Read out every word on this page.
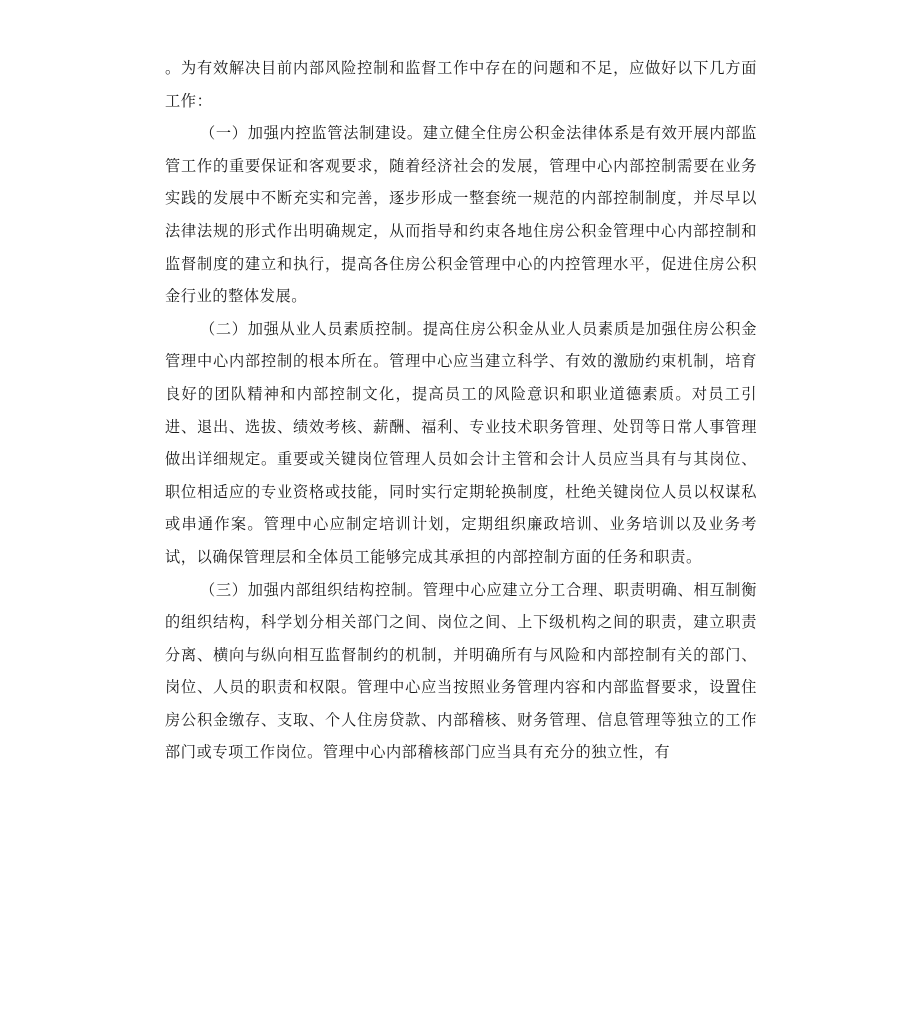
。为有效解决目前内部风险控制和监督工作中存在的问题和不足，应做好以下几方面工作：

（一）加强内控监管法制建设。建立健全住房公积金法律体系是有效开展内部监管工作的重要保证和客观要求，随着经济社会的发展，管理中心内部控制需要在业务实践的发展中不断充实和完善，逐步形成一整套统一规范的内部控制制度，并尽早以法律法规的形式作出明确规定，从而指导和约束各地住房公积金管理中心内部控制和监督制度的建立和执行，提高各住房公积金管理中心的内控管理水平，促进住房公积金行业的整体发展。

（二）加强从业人员素质控制。提高住房公积金从业人员素质是加强住房公积金管理中心内部控制的根本所在。管理中心应当建立科学、有效的激励约束机制，培育良好的团队精神和内部控制文化，提高员工的风险意识和职业道德素质。对员工引进、退出、选拔、绩效考核、薪酬、福利、专业技术职务管理、处罚等日常人事管理做出详细规定。重要或关键岗位管理人员如会计主管和会计人员应当具有与其岗位、职位相适应的专业资格或技能，同时实行定期轮换制度，杜绝关键岗位人员以权谋私或串通作案。管理中心应制定培训计划，定期组织廉政培训、业务培训以及业务考试，以确保管理层和全体员工能够完成其承担的内部控制方面的任务和职责。

（三）加强内部组织结构控制。管理中心应建立分工合理、职责明确、相互制衡的组织结构，科学划分相关部门之间、岗位之间、上下级机构之间的职责，建立职责分离、横向与纵向相互监督制约的机制，并明确所有与风险和内部控制有关的部门、岗位、人员的职责和权限。管理中心应当按照业务管理内容和内部监督要求，设置住房公积金缴存、支取、个人住房贷款、内部稽核、财务管理、信息管理等独立的工作部门或专项工作岗位。管理中心内部稽核部门应当具有充分的独立性，有
